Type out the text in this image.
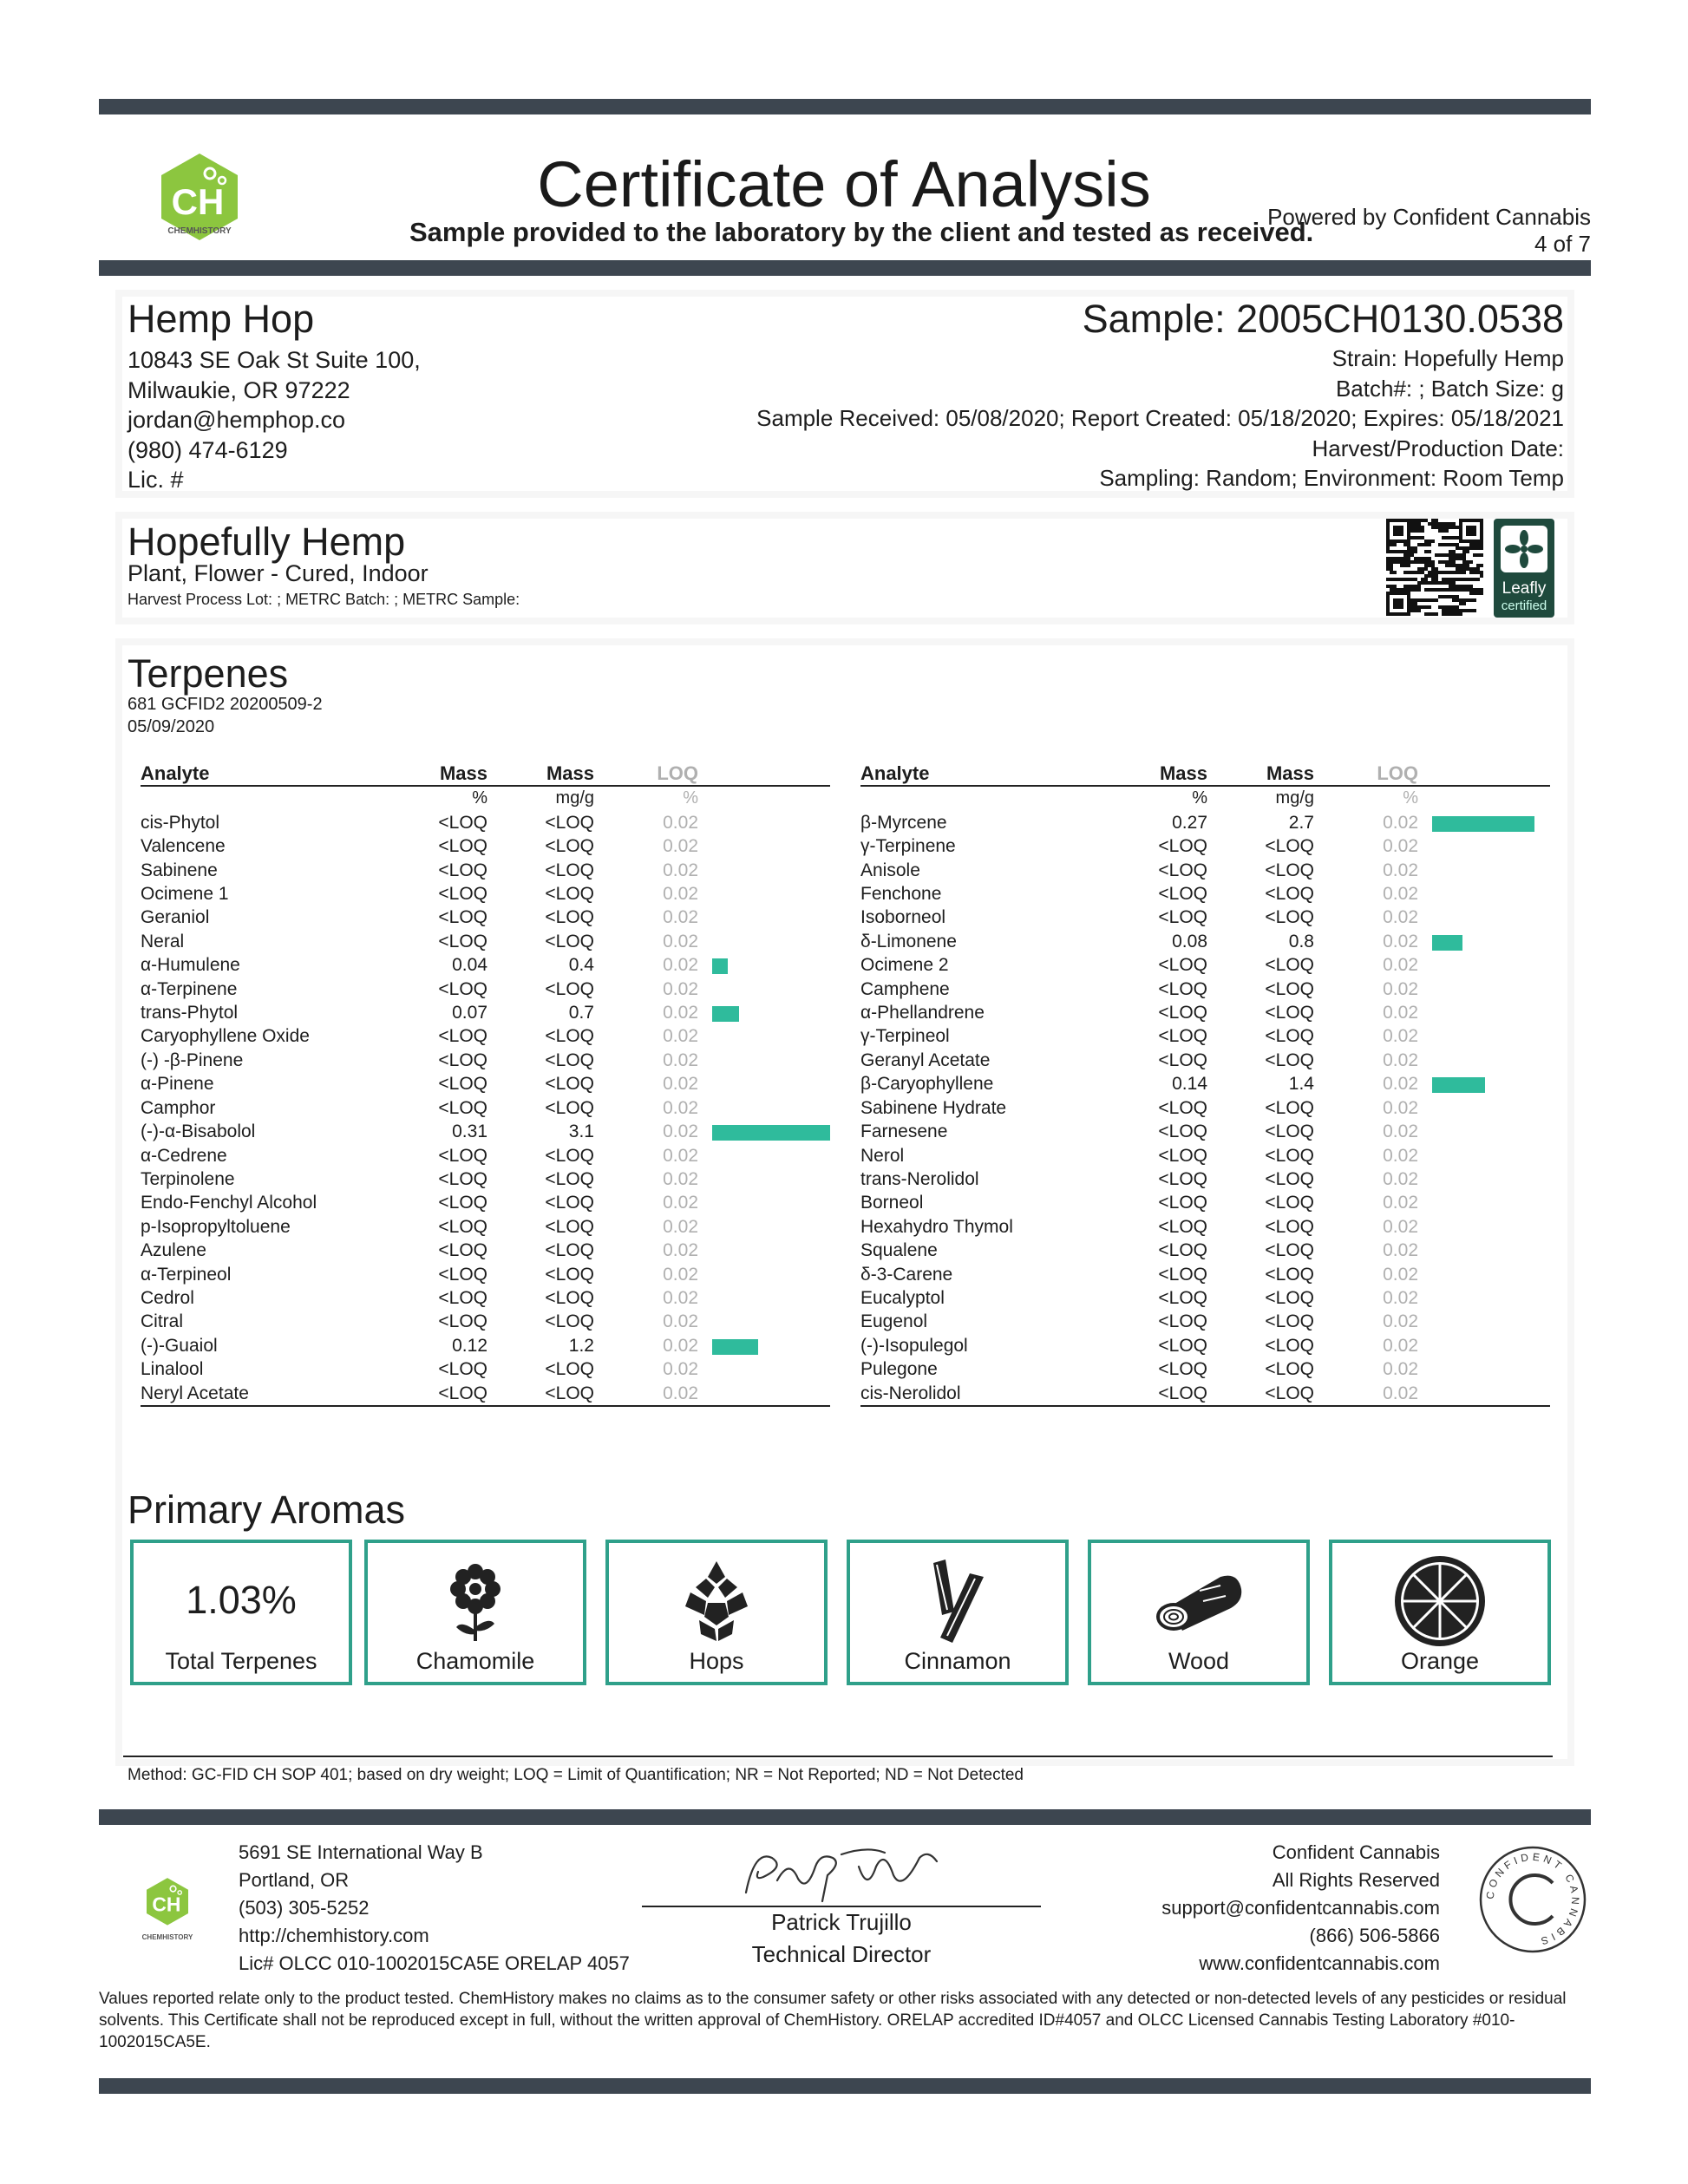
CH
CHEMHISTORY
Certificate of Analysis
Sample provided to the laboratory by the client and tested as received.
Powered by Confident Cannabis
4 of 7
Hemp Hop
10843 SE Oak St Suite 100,
Milwaukie, OR 97222
jordan@hemphop.co
(980) 474-6129
Lic. #
Sample: 2005CH0130.0538
Strain: Hopefully Hemp
Batch#: ; Batch Size: g
Sample Received: 05/08/2020; Report Created: 05/18/2020; Expires: 05/18/2021
Harvest/Production Date:
Sampling: Random; Environment: Room Temp
Hopefully Hemp
Plant, Flower - Cured, Indoor
Harvest Process Lot: ; METRC Batch: ; METRC Sample:
Leafly
certified
Terpenes
681 GCFID2 20200509-2
05/09/2020
Analyte	Mass	Mass	LOQ	
	%	mg/g	%	
cis-Phytol	<LOQ	<LOQ	0.02	
Valencene	<LOQ	<LOQ	0.02	
Sabinene	<LOQ	<LOQ	0.02	
Ocimene 1	<LOQ	<LOQ	0.02	
Geraniol	<LOQ	<LOQ	0.02	
Neral	<LOQ	<LOQ	0.02	
α-Humulene	0.04	0.4	0.02	

α-Terpinene	<LOQ	<LOQ	0.02	
trans-Phytol	0.07	0.7	0.02	

Caryophyllene Oxide	<LOQ	<LOQ	0.02	
(-) -β-Pinene	<LOQ	<LOQ	0.02	
α-Pinene	<LOQ	<LOQ	0.02	
Camphor	<LOQ	<LOQ	0.02	
(-)-α-Bisabolol	0.31	3.1	0.02	

α-Cedrene	<LOQ	<LOQ	0.02	
Terpinolene	<LOQ	<LOQ	0.02	
Endo-Fenchyl Alcohol	<LOQ	<LOQ	0.02	
p-Isopropyltoluene	<LOQ	<LOQ	0.02	
Azulene	<LOQ	<LOQ	0.02	
α-Terpineol	<LOQ	<LOQ	0.02	
Cedrol	<LOQ	<LOQ	0.02	
Citral	<LOQ	<LOQ	0.02	
(-)-Guaiol	0.12	1.2	0.02	

Linalool	<LOQ	<LOQ	0.02	
Neryl Acetate	<LOQ	<LOQ	0.02	
Analyte	Mass	Mass	LOQ	
	%	mg/g	%	
β-Myrcene	0.27	2.7	0.02	

γ-Terpinene	<LOQ	<LOQ	0.02	
Anisole	<LOQ	<LOQ	0.02	
Fenchone	<LOQ	<LOQ	0.02	
Isoborneol	<LOQ	<LOQ	0.02	
δ-Limonene	0.08	0.8	0.02	

Ocimene 2	<LOQ	<LOQ	0.02	
Camphene	<LOQ	<LOQ	0.02	
α-Phellandrene	<LOQ	<LOQ	0.02	
γ-Terpineol	<LOQ	<LOQ	0.02	
Geranyl Acetate	<LOQ	<LOQ	0.02	
β-Caryophyllene	0.14	1.4	0.02	

Sabinene Hydrate	<LOQ	<LOQ	0.02	
Farnesene	<LOQ	<LOQ	0.02	
Nerol	<LOQ	<LOQ	0.02	
trans-Nerolidol	<LOQ	<LOQ	0.02	
Borneol	<LOQ	<LOQ	0.02	
Hexahydro Thymol	<LOQ	<LOQ	0.02	
Squalene	<LOQ	<LOQ	0.02	
δ-3-Carene	<LOQ	<LOQ	0.02	
Eucalyptol	<LOQ	<LOQ	0.02	
Eugenol	<LOQ	<LOQ	0.02	
(-)-Isopulegol	<LOQ	<LOQ	0.02	
Pulegone	<LOQ	<LOQ	0.02	
cis-Nerolidol	<LOQ	<LOQ	0.02	
Primary Aromas
1.03%
Total Terpenes	Chamomile	Hops	Cinnamon	Wood	Orange
Method: GC-FID CH SOP 401; based on dry weight; LOQ = Limit of Quantification; NR = Not Reported; ND = Not Detected
CH
CHEMHISTORY
5691 SE International Way B
Portland, OR
(503) 305-5252
http://chemhistory.com
Lic# OLCC 010-1002015CA5E ORELAP 4057
Patrick Trujillo
Technical Director
Confident Cannabis
All Rights Reserved
support@confidentcannabis.com
(866) 506-5866
www.confidentcannabis.com
CONFIDENT CANNABIS
Values reported relate only to the product tested. ChemHistory makes no claims as to the consumer safety or other risks associated with any detected or non-detected levels of any pesticides or residual solvents. This Certificate shall not be reproduced except in full, without the written approval of ChemHistory. ORELAP accredited ID#4057 and OLCC Licensed Cannabis Testing Laboratory #010-1002015CA5E.
